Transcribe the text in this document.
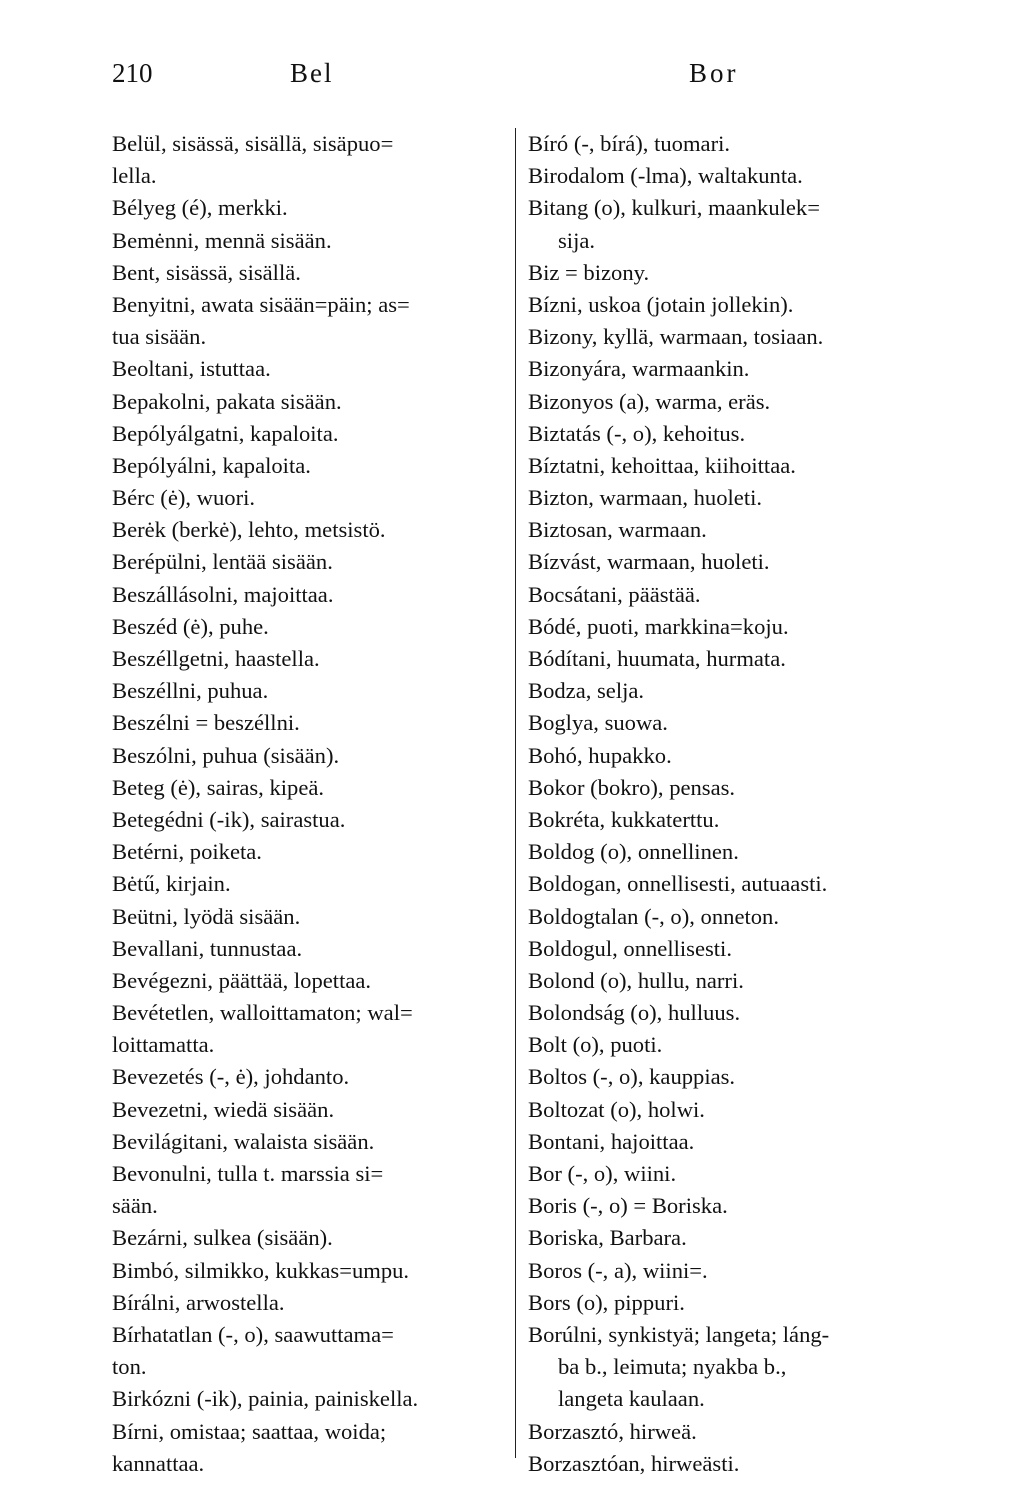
210	Bel	Bor
Belül, sisässä, sisällä, sisäpuo=
lella.
Bélyeg (é), merkki.
Bemėnni, mennä sisään.
Bent, sisässä, sisällä.
Benyitni, awata sisään=päin; as=
tua sisään.
Beoltani, istuttaa.
Bepakolni, pakata sisään.
Bepólyálgatni, kapaloita.
Bepólyálni, kapaloita.
Bérc (ė), wuori.
Berėk (berkė), lehto, metsistö.
Berépülni, lentää sisään.
Beszállásolni, majoittaa.
Beszéd (ė), puhe.
Beszéllgetni, haastella.
Beszéllni, puhua.
Beszélni = beszéllni.
Beszólni, puhua (sisään).
Beteg (ė), sairas, kipeä.
Betegédni (-ik), sairastua.
Betérni, poiketa.
Bėtű, kirjain.
Beütni, lyödä sisään.
Bevallani, tunnustaa.
Bevégezni, päättää, lopettaa.
Bevétetlen, walloittamaton; wal=
loittamatta.
Bevezetés (-, ė), johdanto.
Bevezetni, wiedä sisään.
Bevilágitani, walaista sisään.
Bevonulni, tulla t. marssia si=
sään.
Bezárni, sulkea (sisään).
Bimbó, silmikko, kukkas=umpu.
Bírálni, arwostella.
Bírhatatlan (-, o), saawuttama=
ton.
Birkózni (-ik), painia, painiskella.
Bírni, omistaa; saattaa, woida;
kannattaa.
Bíró (-, bírá), tuomari.
Birodalom (-lma), waltakunta.
Bitang (o), kulkuri, maankulek=
sija.
Biz = bizony.
Bízni, uskoa (jotain jollekin).
Bizony, kyllä, warmaan, tosiaan.
Bizonyára, warmaankin.
Bizonyos (a), warma, eräs.
Biztatás (-, o), kehoitus.
Bíztatni, kehoittaa, kiihoittaa.
Bizton, warmaan, huoleti.
Biztosan, warmaan.
Bízvást, warmaan, huoleti.
Bocsátani, päästää.
Bódé, puoti, markkina=koju.
Bódítani, huumata, hurmata.
Bodza, selja.
Boglya, suowa.
Bohó, hupakko.
Bokor (bokro), pensas.
Bokréta, kukkaterttu.
Boldog (o), onnellinen.
Boldogan, onnellisesti, autuaasti.
Boldogtalan (-, o), onneton.
Boldogul, onnellisesti.
Bolond (o), hullu, narri.
Bolondság (o), hulluus.
Bolt (o), puoti.
Boltos (-, o), kauppias.
Boltozat (o), holwi.
Bontani, hajoittaa.
Bor (-, o), wiini.
Boris (-, o) = Boriska.
Boriska, Barbara.
Boros (-, a), wiini=.
Bors (o), pippuri.
Borúlni, synkistyä; langeta; láng-
ba b., leimuta; nyakba b.,
langeta kaulaan.
Borzasztó, hirweä.
Borzasztóan, hirweästi.
